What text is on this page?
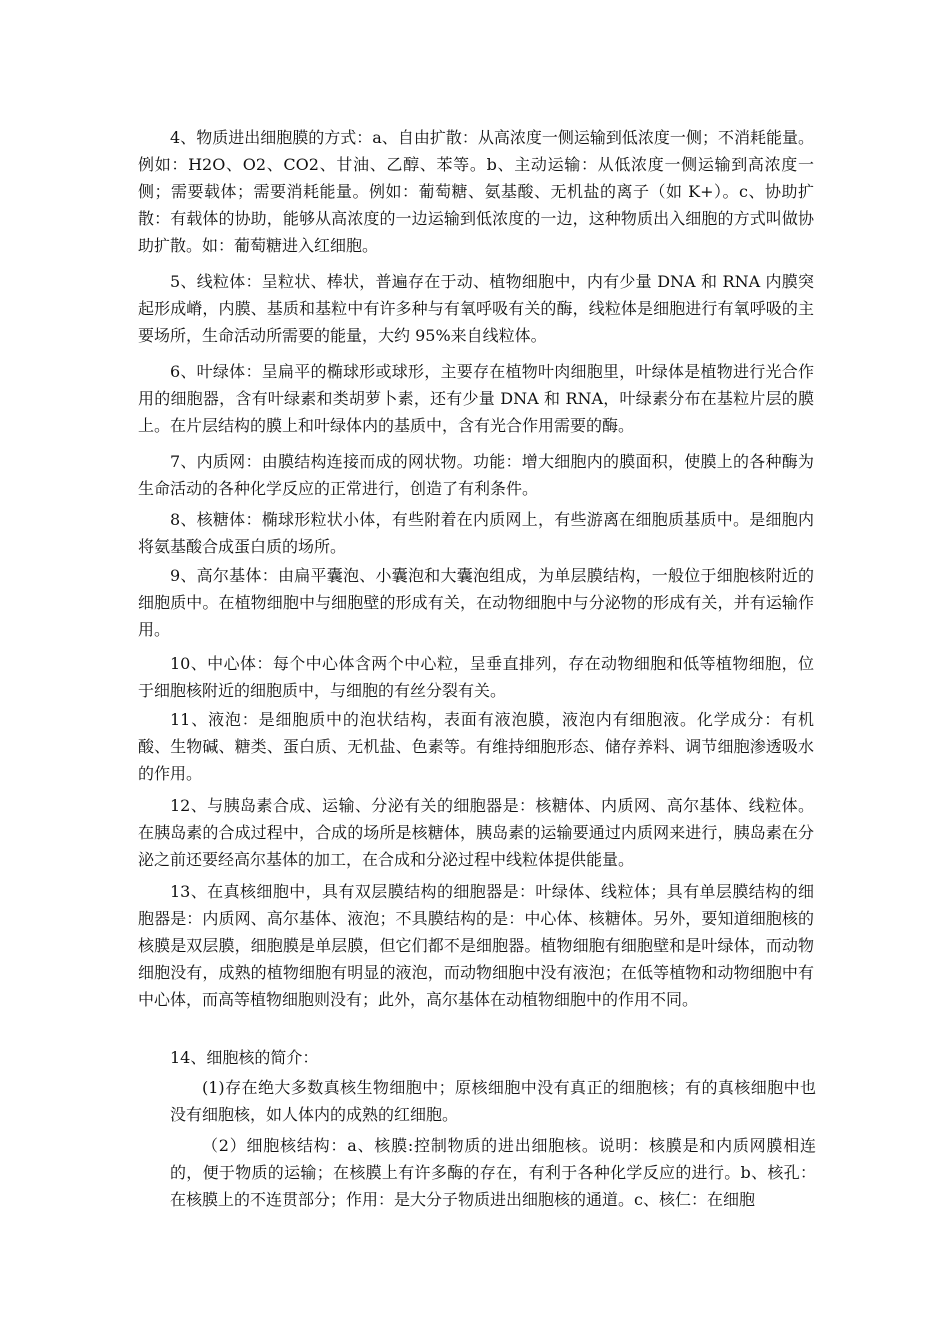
4、物质进出细胞膜的方式：a、自由扩散：从高浓度一侧运输到低浓度一侧；不消耗能量。例如：H2O、O2、CO2、甘油、乙醇、苯等。b、主动运输：从低浓度一侧运输到高浓度一侧；需要载体；需要消耗能量。例如：葡萄糖、氨基酸、无机盐的离子（如 K+）。c、协助扩散：有载体的协助，能够从高浓度的一边运输到低浓度的一边，这种物质出入细胞的方式叫做协助扩散。如：葡萄糖进入红细胞。

5、线粒体：呈粒状、棒状，普遍存在于动、植物细胞中，内有少量 DNA 和 RNA 内膜突起形成嵴，内膜、基质和基粒中有许多种与有氧呼吸有关的酶，线粒体是细胞进行有氧呼吸的主要场所，生命活动所需要的能量，大约 95%来自线粒体。

6、叶绿体：呈扁平的椭球形或球形，主要存在植物叶肉细胞里，叶绿体是植物进行光合作用的细胞器，含有叶绿素和类胡萝卜素，还有少量 DNA 和 RNA，叶绿素分布在基粒片层的膜上。在片层结构的膜上和叶绿体内的基质中，含有光合作用需要的酶。

7、内质网：由膜结构连接而成的网状物。功能：增大细胞内的膜面积，使膜上的各种酶为生命活动的各种化学反应的正常进行，创造了有利条件。

8、核糖体：椭球形粒状小体，有些附着在内质网上，有些游离在细胞质基质中。是细胞内将氨基酸合成蛋白质的场所。

9、高尔基体：由扁平囊泡、小囊泡和大囊泡组成，为单层膜结构，一般位于细胞核附近的细胞质中。在植物细胞中与细胞壁的形成有关，在动物细胞中与分泌物的形成有关，并有运输作用。

10、中心体：每个中心体含两个中心粒，呈垂直排列，存在动物细胞和低等植物细胞，位于细胞核附近的细胞质中，与细胞的有丝分裂有关。

11、液泡：是细胞质中的泡状结构，表面有液泡膜，液泡内有细胞液。化学成分：有机酸、生物碱、糖类、蛋白质、无机盐、色素等。有维持细胞形态、储存养料、调节细胞渗透吸水的作用。

12、与胰岛素合成、运输、分泌有关的细胞器是：核糖体、内质网、高尔基体、线粒体。在胰岛素的合成过程中，合成的场所是核糖体，胰岛素的运输要通过内质网来进行，胰岛素在分泌之前还要经高尔基体的加工，在合成和分泌过程中线粒体提供能量。

13、在真核细胞中，具有双层膜结构的细胞器是：叶绿体、线粒体；具有单层膜结构的细胞器是：内质网、高尔基体、液泡；不具膜结构的是：中心体、核糖体。另外，要知道细胞核的核膜是双层膜，细胞膜是单层膜，但它们都不是细胞器。植物细胞有细胞壁和是叶绿体，而动物细胞没有，成熟的植物细胞有明显的液泡，而动物细胞中没有液泡；在低等植物和动物细胞中有中心体，而高等植物细胞则没有；此外，高尔基体在动植物细胞中的作用不同。

14、细胞核的简介：

(1)存在绝大多数真核生物细胞中；原核细胞中没有真正的细胞核；有的真核细胞中也没有细胞核，如人体内的成熟的红细胞。

（2）细胞核结构：a、核膜:控制物质的进出细胞核。说明：核膜是和内质网膜相连的，便于物质的运输；在核膜上有许多酶的存在，有利于各种化学反应的进行。b、核孔：在核膜上的不连贯部分；作用：是大分子物质进出细胞核的通道。c、核仁：在细胞
